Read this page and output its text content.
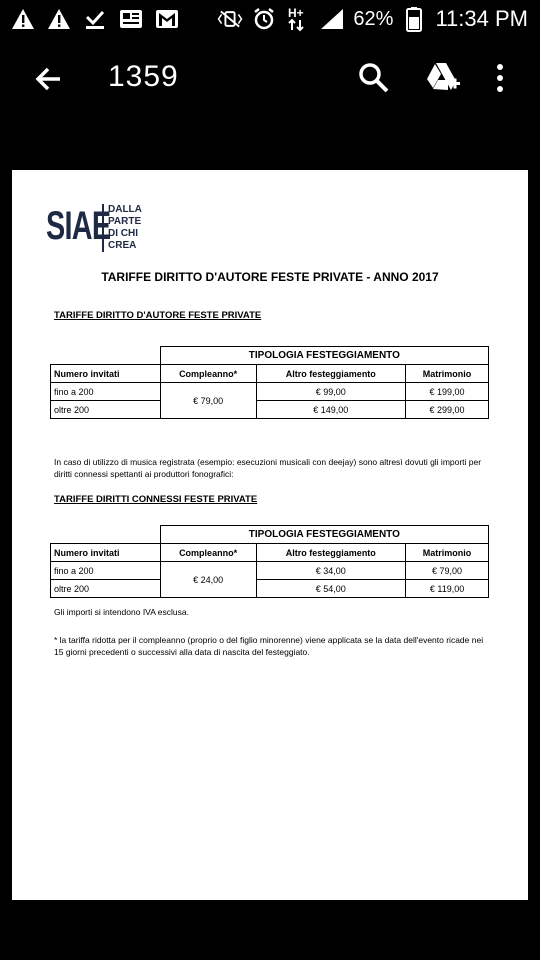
H+ 62% 11:34 PM
1359
SIAE
DALLA
PARTE
DI CHI
CREA
TARIFFE DIRITTO D'AUTORE FESTE PRIVATE - ANNO 2017
TARIFFE DIRITTO D'AUTORE FESTE PRIVATE
	TIPOLOGIA FESTEGGIAMENTO		
Numero invitati	Compleanno*	Altro festeggiamento	Matrimonio
fino a 200	€ 79,00	€ 99,00	€ 199,00
oltre 200		€ 149,00	€ 299,00
In caso di utilizzo di musica registrata (esempio: esecuzioni musicali con deejay) sono altresì dovuti gli importi per diritti connessi spettanti ai produttori fonografici:
TARIFFE DIRITTI CONNESSI FESTE PRIVATE
	TIPOLOGIA FESTEGGIAMENTO		
Numero invitati	Compleanno*	Altro festeggiamento	Matrimonio
fino a 200	€ 24,00	€ 34,00	€ 79,00
oltre 200		€ 54,00	€ 119,00
Gli importi si intendono IVA esclusa.
* la tariffa ridotta per il compleanno (proprio o del figlio minorenne) viene applicata se la data dell'evento ricade nei 15 giorni precedenti o successivi alla data di nascita del festeggiato.
